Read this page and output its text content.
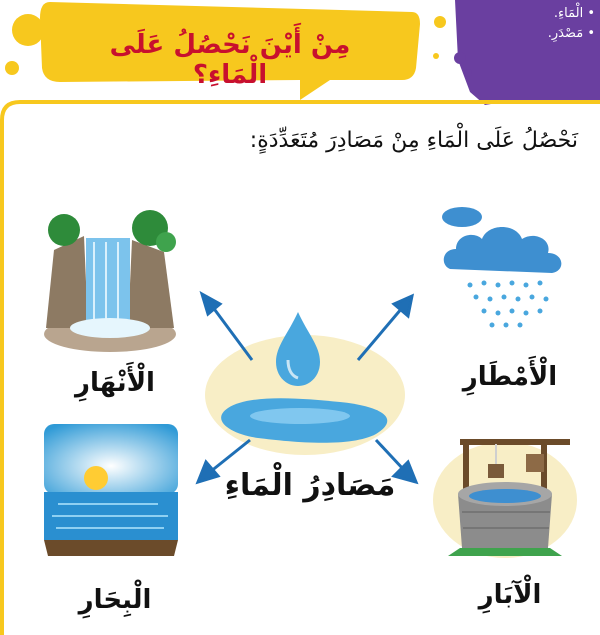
مِنْ أَيْنَ نَحْصُلُ عَلَى الْمَاءِ؟
• الْمَاءِ.
• مَصْدَرِ.
نَحْصُلُ عَلَى الْمَاءِ مِنْ مَصَادِرَ مُتَعَدِّدَةٍ:
مَصَادِرُ الْمَاءِ
الْأَمْطَارِ
الْأَنْهَارِ
الْبِحَارِ	الْآبَارِ
